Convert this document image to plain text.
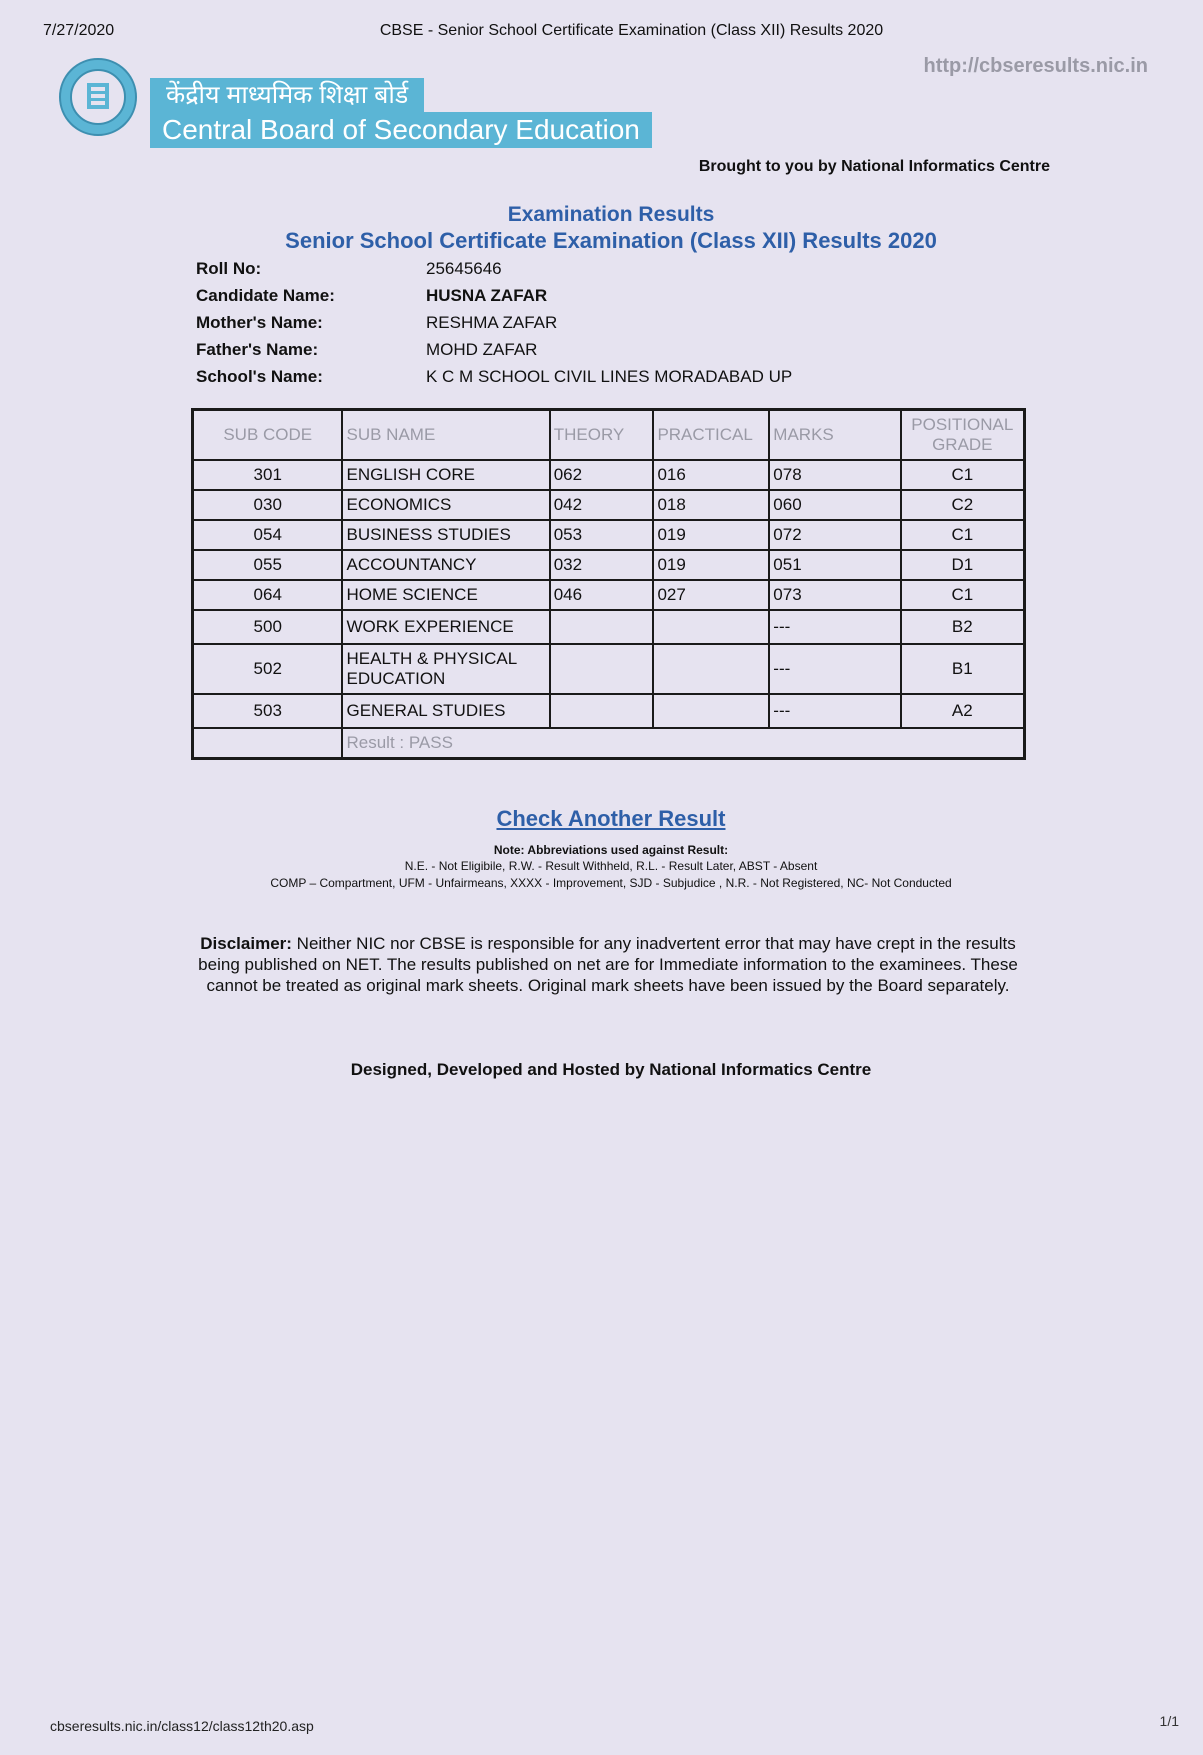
7/27/2020	CBSE - Senior School Certificate Examination (Class XII) Results 2020
http://cbseresults.nic.in
केंद्रीय माध्यमिक शिक्षा बोर्ड
Central Board of Secondary Education
Brought to you by National Informatics Centre
Examination Results
Senior School Certificate Examination (Class XII) Results 2020
Roll No:	25645646
Candidate Name:	HUSNA ZAFAR
Mother's Name:	RESHMA ZAFAR
Father's Name:	MOHD ZAFAR
School's Name:	K C M SCHOOL CIVIL LINES MORADABAD UP
SUB CODE	SUB NAME	THEORY	PRACTICAL	MARKS	POSITIONAL GRADE
301	ENGLISH CORE	062	016	078	C1
030	ECONOMICS	042	018	060	C2
054	BUSINESS STUDIES	053	019	072	C1
055	ACCOUNTANCY	032	019	051	D1
064	HOME SCIENCE	046	027	073	C1
500	WORK EXPERIENCE			---	B2
502	HEALTH & PHYSICAL EDUCATION			---	B1
503	GENERAL STUDIES			---	A2
	Result : PASS				
Check Another Result
Note: Abbreviations used against Result:
N.E. - Not Eligibile, R.W. - Result Withheld, R.L. - Result Later, ABST - Absent
COMP – Compartment, UFM - Unfairmeans, XXXX - Improvement, SJD - Subjudice , N.R. - Not Registered, NC- Not Conducted
Disclaimer: Neither NIC nor CBSE is responsible for any inadvertent error that may have crept in the results being published on NET. The results published on net are for Immediate information to the examinees. These cannot be treated as original mark sheets. Original mark sheets have been issued by the Board separately.
Designed, Developed and Hosted by National Informatics Centre
cbseresults.nic.in/class12/class12th20.asp	1/1
